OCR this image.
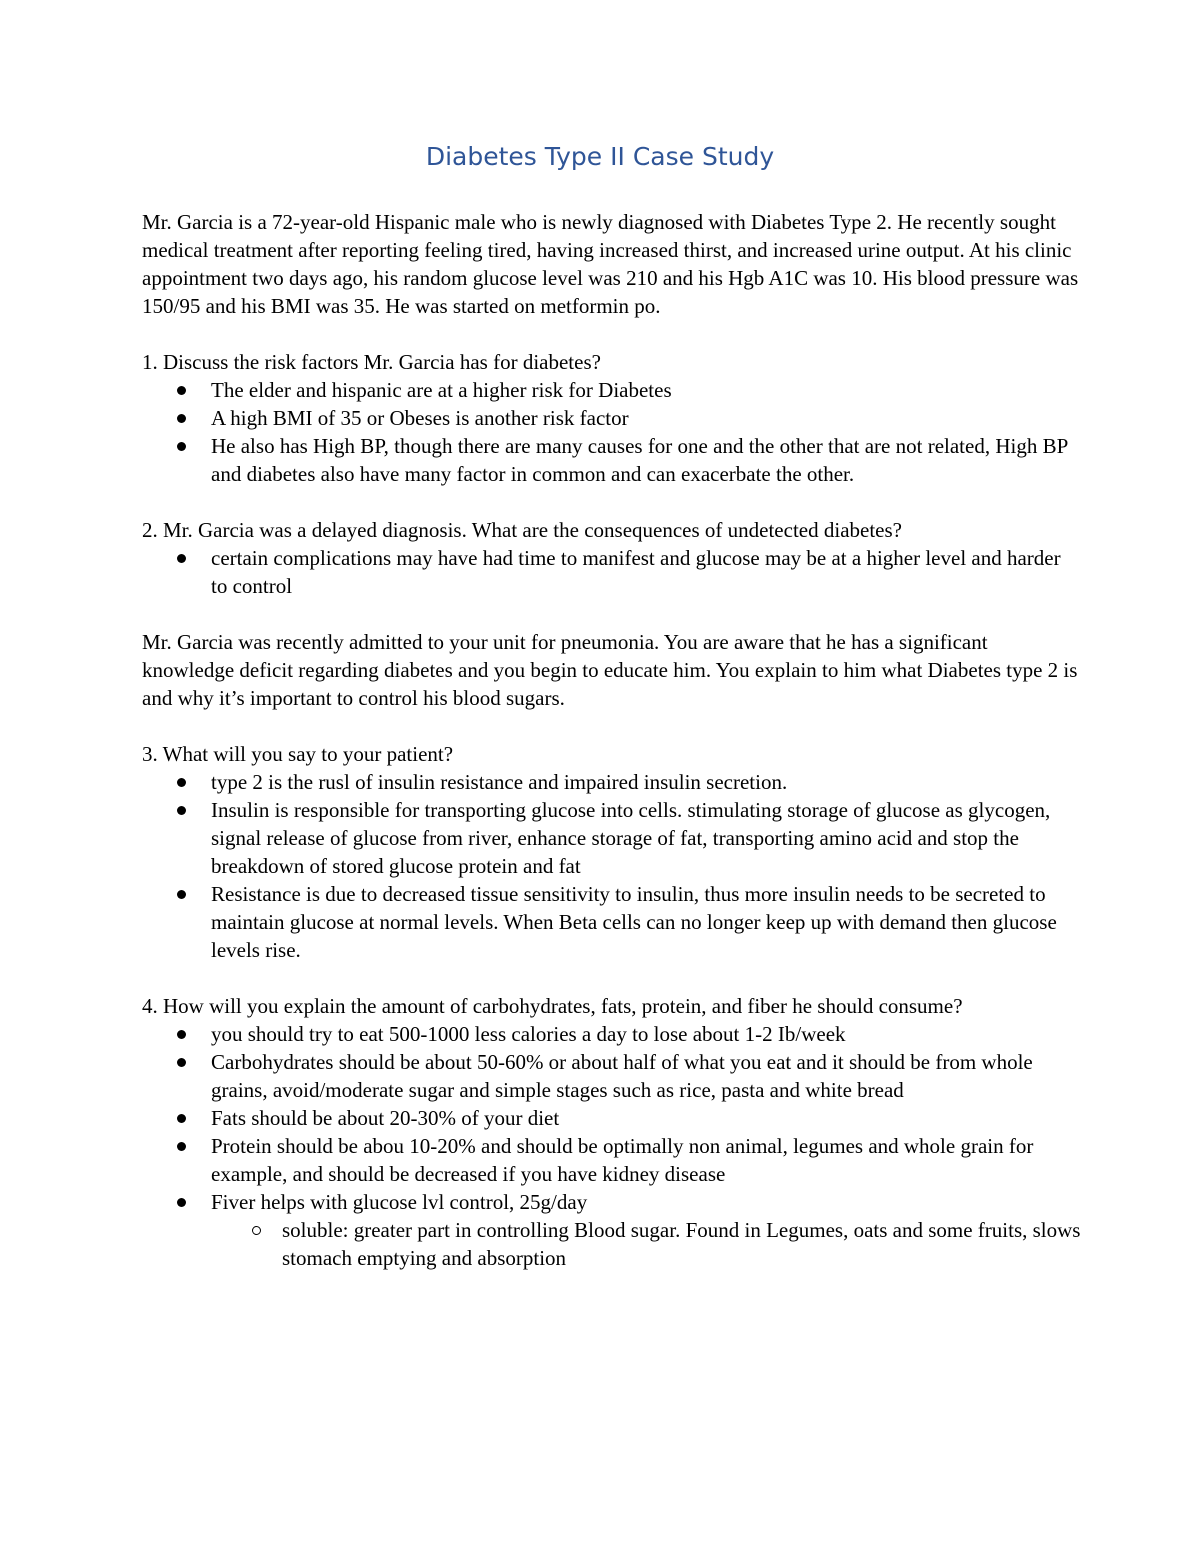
Diabetes Type II Case Study

Mr. Garcia is a 72-year-old Hispanic male who is newly diagnosed with Diabetes Type 2. He recently sought medical treatment after reporting feeling tired, having increased thirst, and increased urine output. At his clinic appointment two days ago, his random glucose level was 210 and his Hgb A1C was 10. His blood pressure was 150/95 and his BMI was 35. He was started on metformin po.

1. Discuss the risk factors Mr. Garcia has for diabetes?

The elder and hispanic are at a higher risk for Diabetes
A high BMI of 35 or Obeses is another risk factor
He also has High BP, though there are many causes for one and the other that are not related, High BP and diabetes also have many factor in common and can exacerbate the other.

2. Mr. Garcia was a delayed diagnosis. What are the consequences of undetected diabetes?

certain complications may have had time to manifest and glucose may be at a higher level and harder to control

Mr. Garcia was recently admitted to your unit for pneumonia. You are aware that he has a significant knowledge deficit regarding diabetes and you begin to educate him. You explain to him what Diabetes type 2 is and why it’s important to control his blood sugars.

3. What will you say to your patient?

type 2 is the rusl of insulin resistance and impaired insulin secretion.
Insulin is responsible for transporting glucose into cells. stimulating storage of glucose as glycogen, signal release of glucose from river, enhance storage of fat, transporting amino acid and stop the breakdown of stored glucose protein and fat
Resistance is due to decreased tissue sensitivity to insulin, thus more insulin needs to be secreted to maintain glucose at normal levels. When Beta cells can no longer keep up with demand then glucose levels rise.

4. How will you explain the amount of carbohydrates, fats, protein, and fiber he should consume?

you should try to eat 500-1000 less calories a day to lose about 1-2 Ib/week
Carbohydrates should be about 50-60% or about half of what you eat and it should be from whole grains, avoid/moderate sugar and simple stages such as rice, pasta and white bread
Fats should be about 20-30% of your diet
Protein should be abou 10-20% and should be optimally non animal, legumes and whole grain for example, and should be decreased if you have kidney disease
Fiver helps with glucose lvl control, 25g/day
soluble: greater part in controlling Blood sugar. Found in Legumes, oats and some fruits, slows stomach emptying and absorption
